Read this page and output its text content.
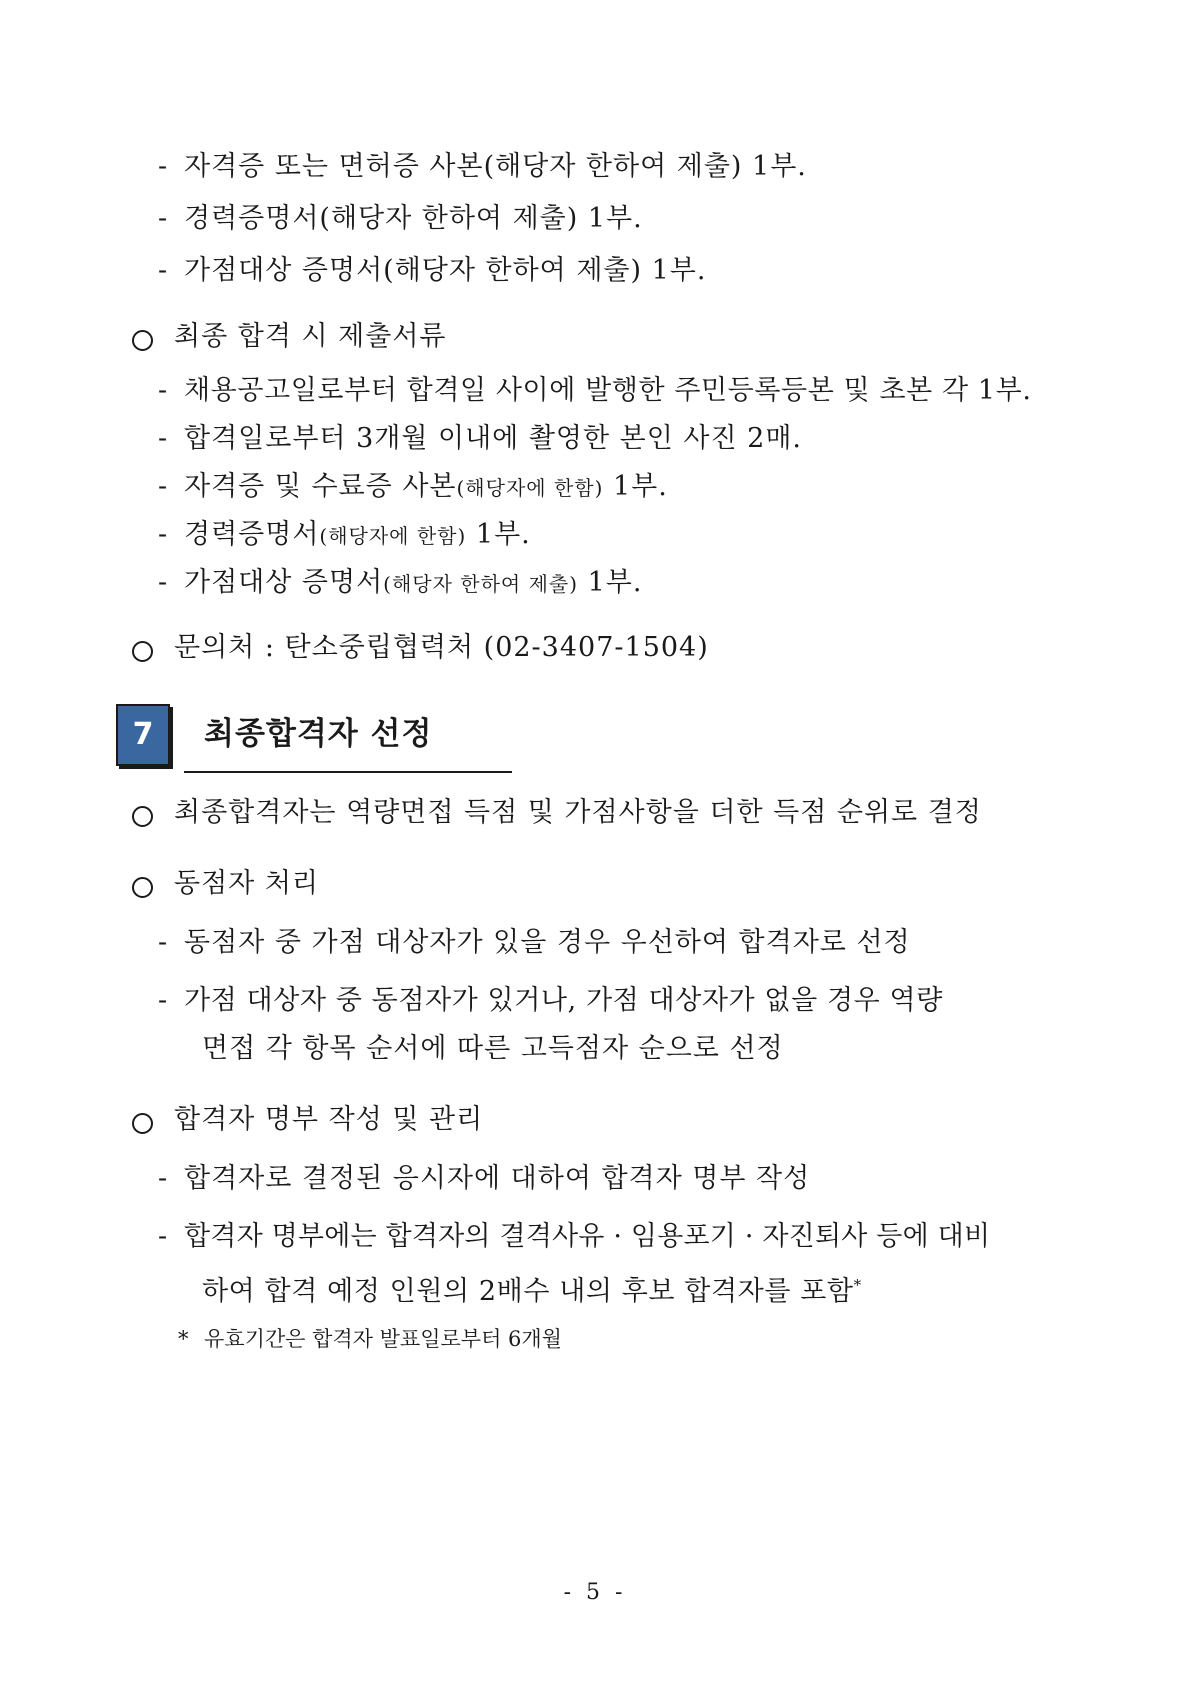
- 자격증 또는 면허증 사본(해당자 한하여 제출) 1부.
- 경력증명서(해당자 한하여 제출) 1부.
- 가점대상 증명서(해당자 한하여 제출) 1부.
최종 합격 시 제출서류
- 채용공고일로부터 합격일 사이에 발행한 주민등록등본 및 초본 각 1부.
- 합격일로부터 3개월 이내에 촬영한 본인 사진 2매.
- 자격증 및 수료증 사본(해당자에 한함) 1부.
- 경력증명서(해당자에 한함) 1부.
- 가점대상 증명서(해당자 한하여 제출) 1부.
문의처 : 탄소중립협력처 (02-3407-1504)
7	최종합격자 선정
최종합격자는 역량면접 득점 및 가점사항을 더한 득점 순위로 결정
동점자 처리
- 동점자 중 가점 대상자가 있을 경우 우선하여 합격자로 선정
- 가점 대상자 중 동점자가 있거나, 가점 대상자가 없을 경우 역량
면접 각 항목 순서에 따른 고득점자 순으로 선정
합격자 명부 작성 및 관리
- 합격자로 결정된 응시자에 대하여 합격자 명부 작성
- 합격자 명부에는 합격자의 결격사유 · 임용포기 · 자진퇴사 등에 대비
하여 합격 예정 인원의 2배수 내의 후보 합격자를 포함*
* 유효기간은 합격자 발표일로부터 6개월
- 5 -
